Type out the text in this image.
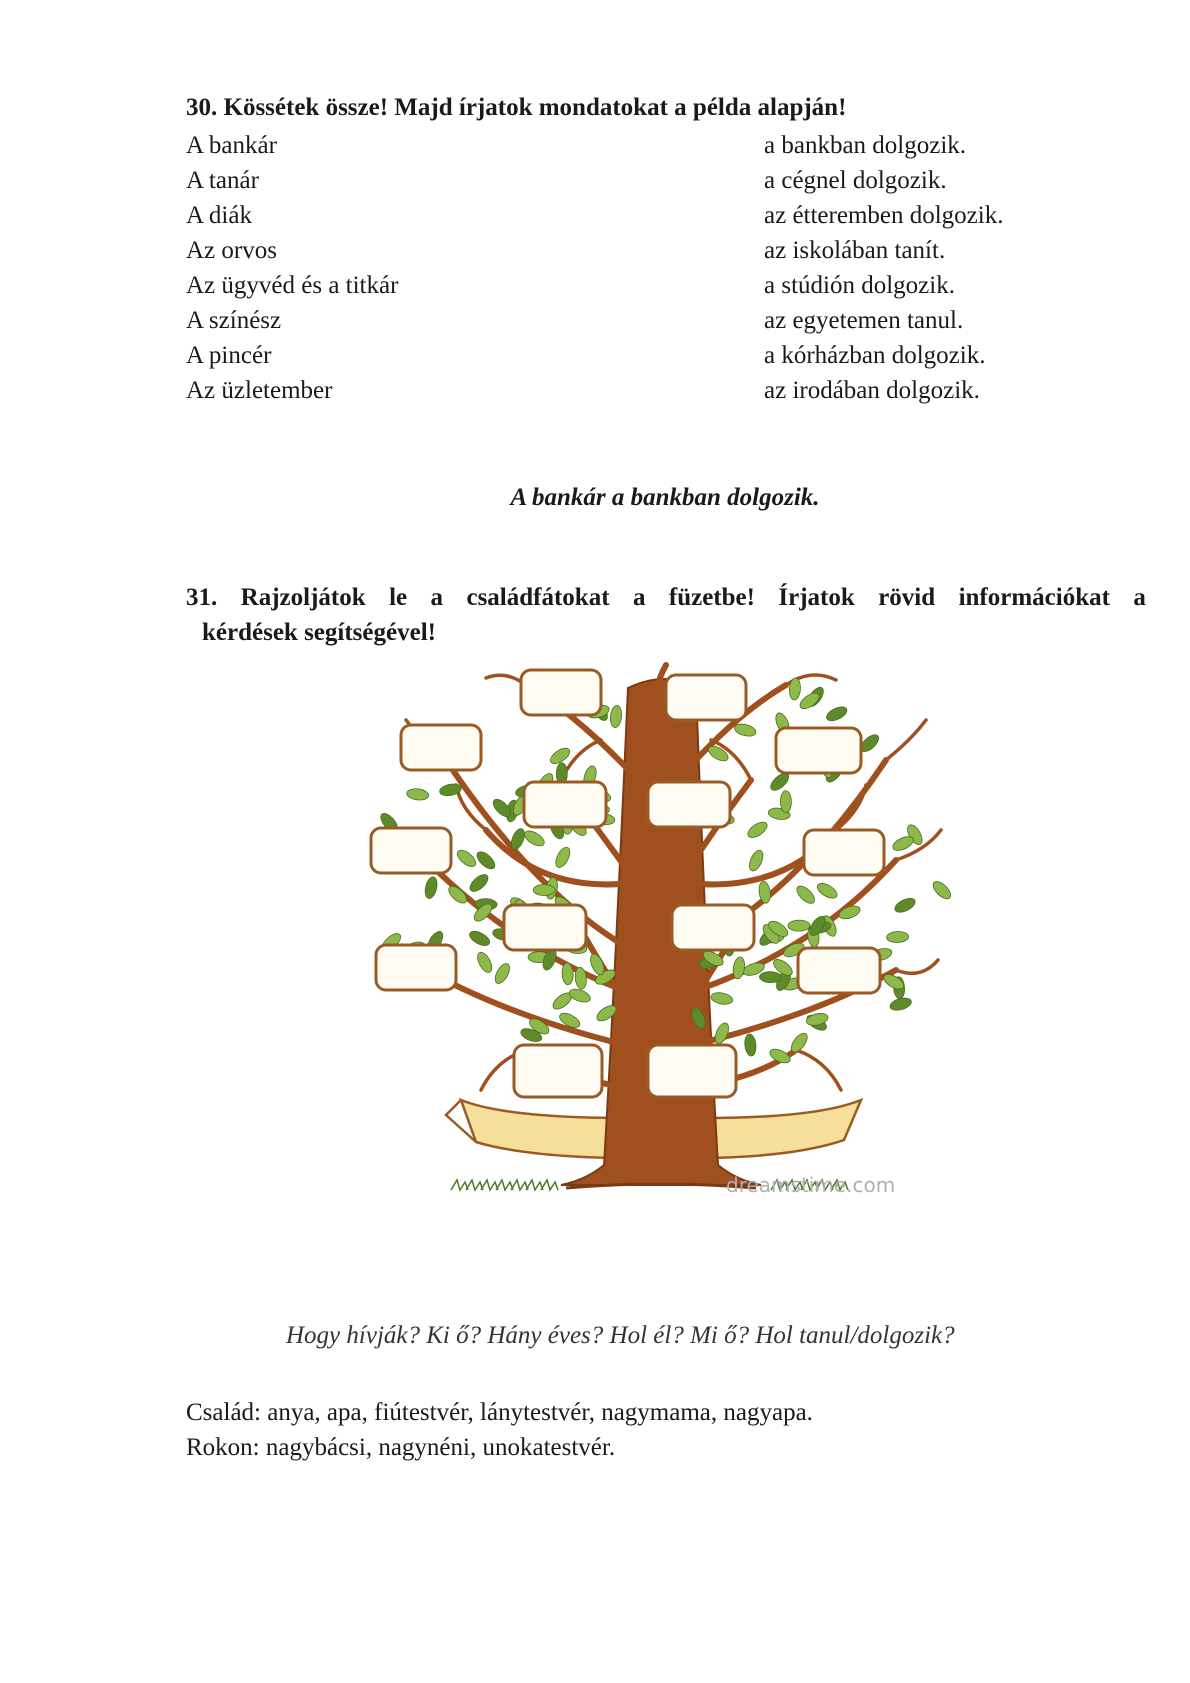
30. Kössétek össze! Majd írjatok mondatokat a példa alapján!
A bankár
A tanár
A diák
Az orvos
Az ügyvéd és a titkár
A színész
A pincér
Az üzletember
a bankban dolgozik.
a cégnel dolgozik.
az étteremben dolgozik.
az iskolában tanít.
a stúdión dolgozik.
az egyetemen tanul.
a kórházban dolgozik.
az irodában dolgozik.
A bankár a bankban dolgozik.
31. Rajzoljátok le a családfátokat a füzetbe! Írjatok rövid információkat a
kérdések segítségével!
dreamstime.com
Hogy hívják? Ki ő? Hány éves? Hol él? Mi ő? Hol tanul/dolgozik?
Család: anya, apa, fiútestvér, lánytestvér, nagymama, nagyapa.
Rokon: nagybácsi, nagynéni, unokatestvér.
